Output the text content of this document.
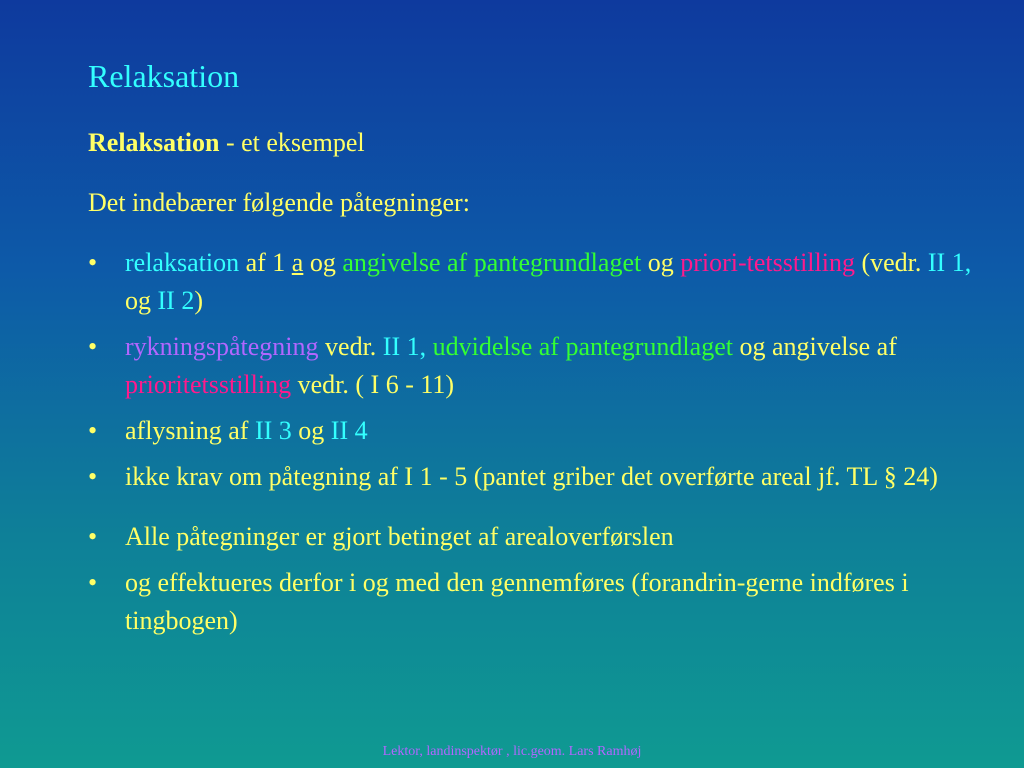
Relaksation
Relaksation - et eksempel
Det indebærer følgende påtegninger:
• relaksation af 1 a og angivelse af pantegrundlaget og priori-tetsstilling (vedr. II 1, og II 2)
• rykningspåtegning vedr. II 1, udvidelse af pantegrundlaget og angivelse af prioritetsstilling vedr. ( I 6 - 11)
• aflysning af II 3 og II 4
• ikke krav om påtegning af I 1 - 5 (pantet griber det overførte areal jf. TL § 24)
• Alle påtegninger er gjort betinget af arealoverførslen
• og effektueres derfor i og med den gennemføres (forandrin-gerne indføres i tingbogen)
Lektor, landinspektør , lic.geom. Lars Ramhøj
